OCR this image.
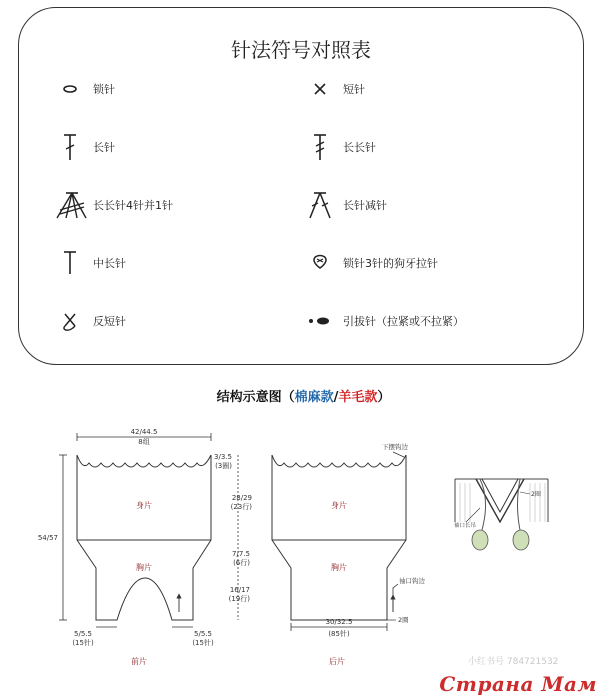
针法符号对照表
锁针	短针
长针	长长针
长长针4针并1针	长针减针
中长针	锁针3针的狗牙拉针
反短针	引拔针（拉紧或不拉紧）
结构示意图（棉麻款/羊毛款）
42/44.5
8组
身片
胸片
54/57
5/5.5
(15针)
5/5.5
(15针)
前片
3/3.5
(3圈)
28/29
(23行)
7/7.5
(6行)
16/17
(19行)
下摆钩边
身片
胸片
袖口钩边
2圈
30/32.5
(85针)
后片
2圈
袖口长吊
小红书号 784721532
Страна Мам
